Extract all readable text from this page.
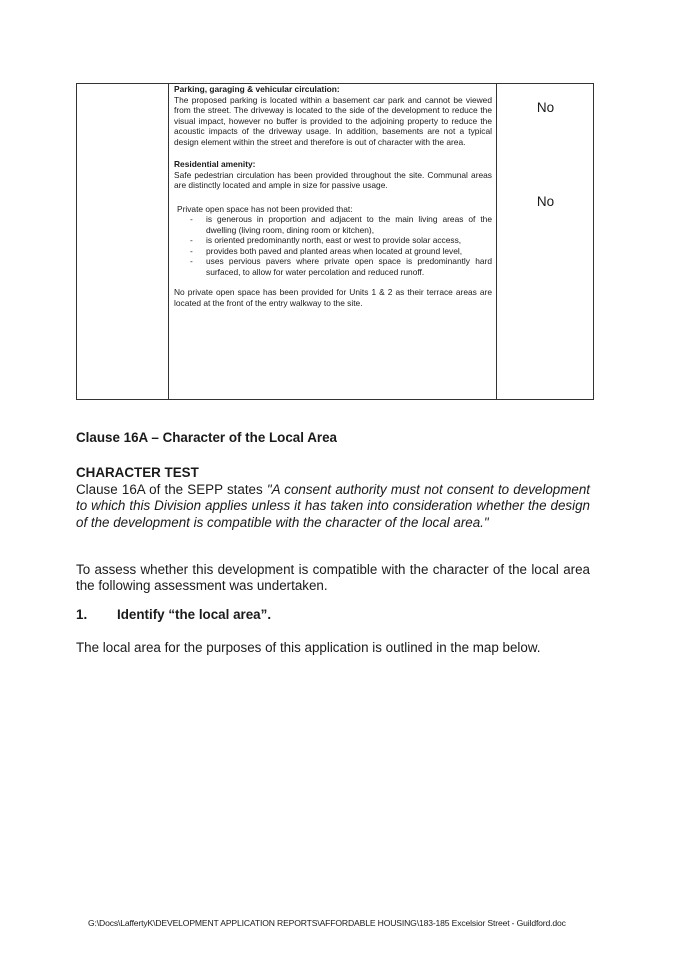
Parking, garaging & vehicular circulation:
The proposed parking is located within a basement car park and cannot be viewed from the street. The driveway is located to the side of the development to reduce the visual impact, however no buffer is provided to the adjoining property to reduce the acoustic impacts of the driveway usage. In addition, basements are not a typical design element within the street and therefore is out of character with the area.
Residential amenity:
Safe pedestrian circulation has been provided throughout the site. Communal areas are distinctly located and ample in size for passive usage.
Private open space has not been provided that:
- is generous in proportion and adjacent to the main living areas of the dwelling (living room, dining room or kitchen),
- is oriented predominantly north, east or west to provide solar access,
- provides both paved and planted areas when located at ground level,
- uses pervious pavers where private open space is predominantly hard surfaced, to allow for water percolation and reduced runoff.
No private open space has been provided for Units 1 & 2 as their terrace areas are located at the front of the entry walkway to the site.
No
No
Clause 16A – Character of the Local Area
CHARACTER TEST
Clause 16A of the SEPP states "A consent authority must not consent to development to which this Division applies unless it has taken into consideration whether the design of the development is compatible with the character of the local area."
To assess whether this development is compatible with the character of the local area the following assessment was undertaken.
1. Identify “the local area”.
The local area for the purposes of this application is outlined in the map below.
G:\Docs\LaffertyK\DEVELOPMENT APPLICATION REPORTS\AFFORDABLE HOUSING\183-185 Excelsior Street - Guildford.doc
